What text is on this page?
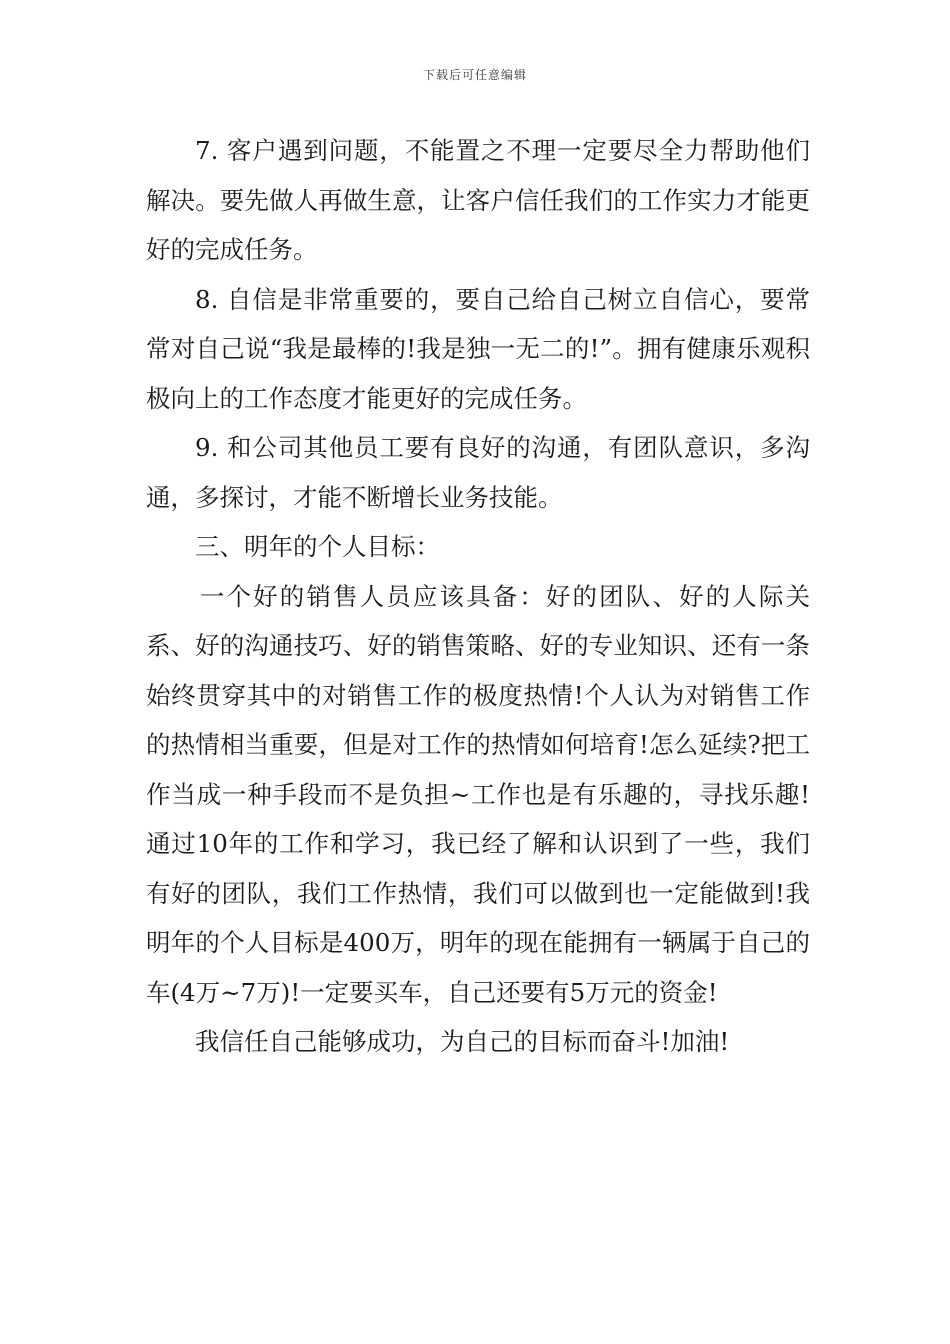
下载后可任意编辑

7. 客户遇到问题，不能置之不理一定要尽全力帮助他们解决。要先做人再做生意，让客户信任我们的工作实力才能更好的完成任务。

8. 自信是非常重要的，要自己给自己树立自信心，要常常对自己说“我是最棒的!我是独一无二的!”。拥有健康乐观积极向上的工作态度才能更好的完成任务。

9. 和公司其他员工要有良好的沟通，有团队意识，多沟通，多探讨，才能不断增长业务技能。

三、明年的个人目标：

一个好的销售人员应该具备：好的团队、好的人际关系、好的沟通技巧、好的销售策略、好的专业知识、还有一条始终贯穿其中的对销售工作的极度热情!个人认为对销售工作的热情相当重要，但是对工作的热情如何培育!怎么延续?把工作当成一种手段而不是负担~工作也是有乐趣的，寻找乐趣!通过10年的工作和学习，我已经了解和认识到了一些，我们有好的团队，我们工作热情，我们可以做到也一定能做到!我明年的个人目标是400万，明年的现在能拥有一辆属于自己的车(4万~7万)!一定要买车，自己还要有5万元的资金!

我信任自己能够成功，为自己的目标而奋斗!加油!
